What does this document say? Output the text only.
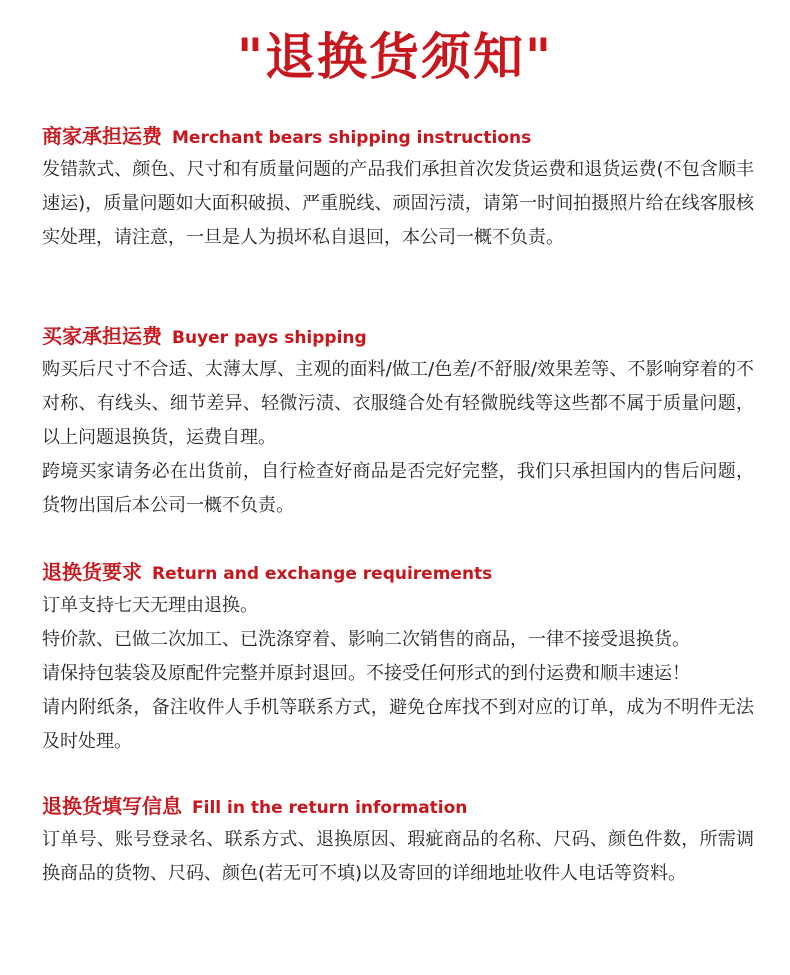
"退换货须知"
商家承担运费 Merchant bears shipping instructions

发错款式、颜色、尺寸和有质量问题的产品我们承担首次发货运费和退货运费(不包含顺丰速运)，质量问题如大面积破损、严重脱线、顽固污渍，请第一时间拍摄照片给在线客服核实处理，请注意，一旦是人为损坏私自退回，本公司一概不负责。

买家承担运费 Buyer pays shipping

购买后尺寸不合适、太薄太厚、主观的面料/做工/色差/不舒服/效果差等、不影响穿着的不对称、有线头、细节差异、轻微污渍、衣服缝合处有轻微脱线等这些都不属于质量问题，以上问题退换货，运费自理。

跨境买家请务必在出货前，自行检查好商品是否完好完整，我们只承担国内的售后问题，货物出国后本公司一概不负责。

退换货要求 Return and exchange requirements

订单支持七天无理由退换。

特价款、已做二次加工、已洗涤穿着、影响二次销售的商品，一律不接受退换货。

请保持包装袋及原配件完整并原封退回。不接受任何形式的到付运费和顺丰速运！

请内附纸条，备注收件人手机等联系方式，避免仓库找不到对应的订单，成为不明件无法及时处理。

退换货填写信息 Fill in the return information

订单号、账号登录名、联系方式、退换原因、瑕疵商品的名称、尺码、颜色件数，所需调换商品的货物、尺码、颜色(若无可不填)以及寄回的详细地址收件人电话等资料。
